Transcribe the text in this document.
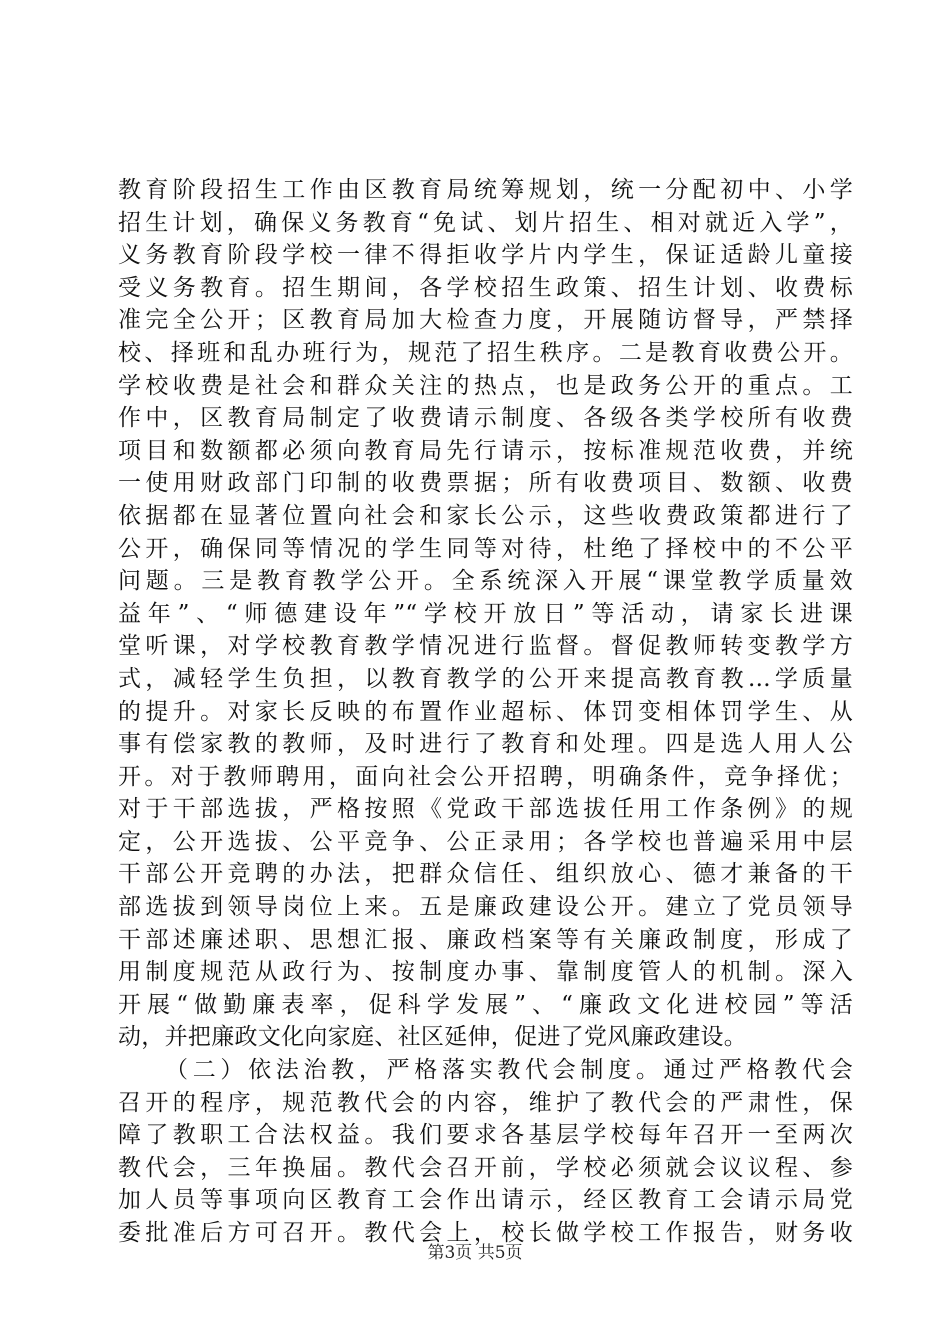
教育阶段招生工作由区教育局统筹规划，统一分配初中、小学
招生计划，确保义务教育“免试、划片招生、相对就近入学”，
义务教育阶段学校一律不得拒收学片内学生，保证适龄儿童接
受义务教育。招生期间，各学校招生政策、招生计划、收费标
准完全公开；区教育局加大检查力度，开展随访督导，严禁择
校、择班和乱办班行为，规范了招生秩序。二是教育收费公开。
学校收费是社会和群众关注的热点，也是政务公开的重点。工
作中，区教育局制定了收费请示制度、各级各类学校所有收费
项目和数额都必须向教育局先行请示，按标准规范收费，并统
一使用财政部门印制的收费票据；所有收费项目、数额、收费
依据都在显著位置向社会和家长公示，这些收费政策都进行了
公开，确保同等情况的学生同等对待，杜绝了择校中的不公平
问题。三是教育教学公开。全系统深入开展“课堂教学质量效
益年”、“师德建设年”“学校开放日”等活动，请家长进课
堂听课，对学校教育教学情况进行监督。督促教师转变教学方
式，减轻学生负担，以教育教学的公开来提高教育教...学质量
的提升。对家长反映的布置作业超标、体罚变相体罚学生、从
事有偿家教的教师，及时进行了教育和处理。四是选人用人公
开。对于教师聘用，面向社会公开招聘，明确条件，竞争择优；
对于干部选拔，严格按照《党政干部选拔任用工作条例》的规
定，公开选拔、公平竞争、公正录用；各学校也普遍采用中层
干部公开竞聘的办法，把群众信任、组织放心、德才兼备的干
部选拔到领导岗位上来。五是廉政建设公开。建立了党员领导
干部述廉述职、思想汇报、廉政档案等有关廉政制度，形成了
用制度规范从政行为、按制度办事、靠制度管人的机制。深入
开展“做勤廉表率，促科学发展”、“廉政文化进校园”等活
动，并把廉政文化向家庭、社区延伸，促进了党风廉政建设。
（二）依法治教，严格落实教代会制度。通过严格教代会
召开的程序，规范教代会的内容，维护了教代会的严肃性，保
障了教职工合法权益。我们要求各基层学校每年召开一至两次
教代会，三年换届。教代会召开前，学校必须就会议议程、参
加人员等事项向区教育工会作出请示，经区教育工会请示局党
委批准后方可召开。教代会上，校长做学校工作报告，财务收
第3页 共5页
